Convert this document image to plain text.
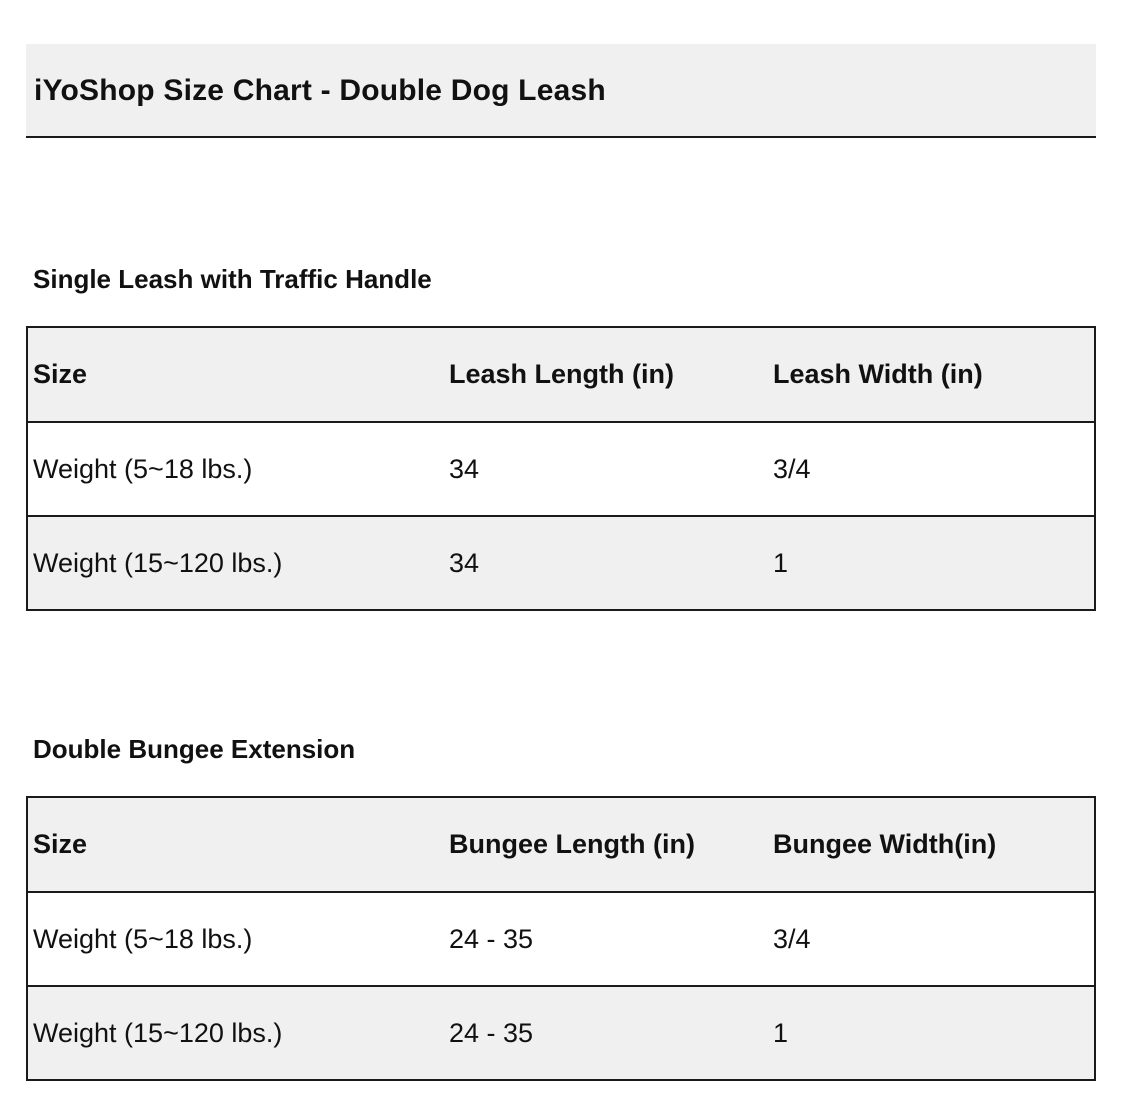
iYoShop Size Chart - Double Dog Leash
Single Leash with Traffic Handle
Size	Leash Length (in)	Leash Width (in)
Weight (5~18 lbs.)	34	3/4
Weight (15~120 lbs.)	34	1
Double Bungee Extension
Size	Bungee Length (in)	Bungee Width(in)
Weight (5~18 lbs.)	24 - 35	3/4
Weight (15~120 lbs.)	24 - 35	1
